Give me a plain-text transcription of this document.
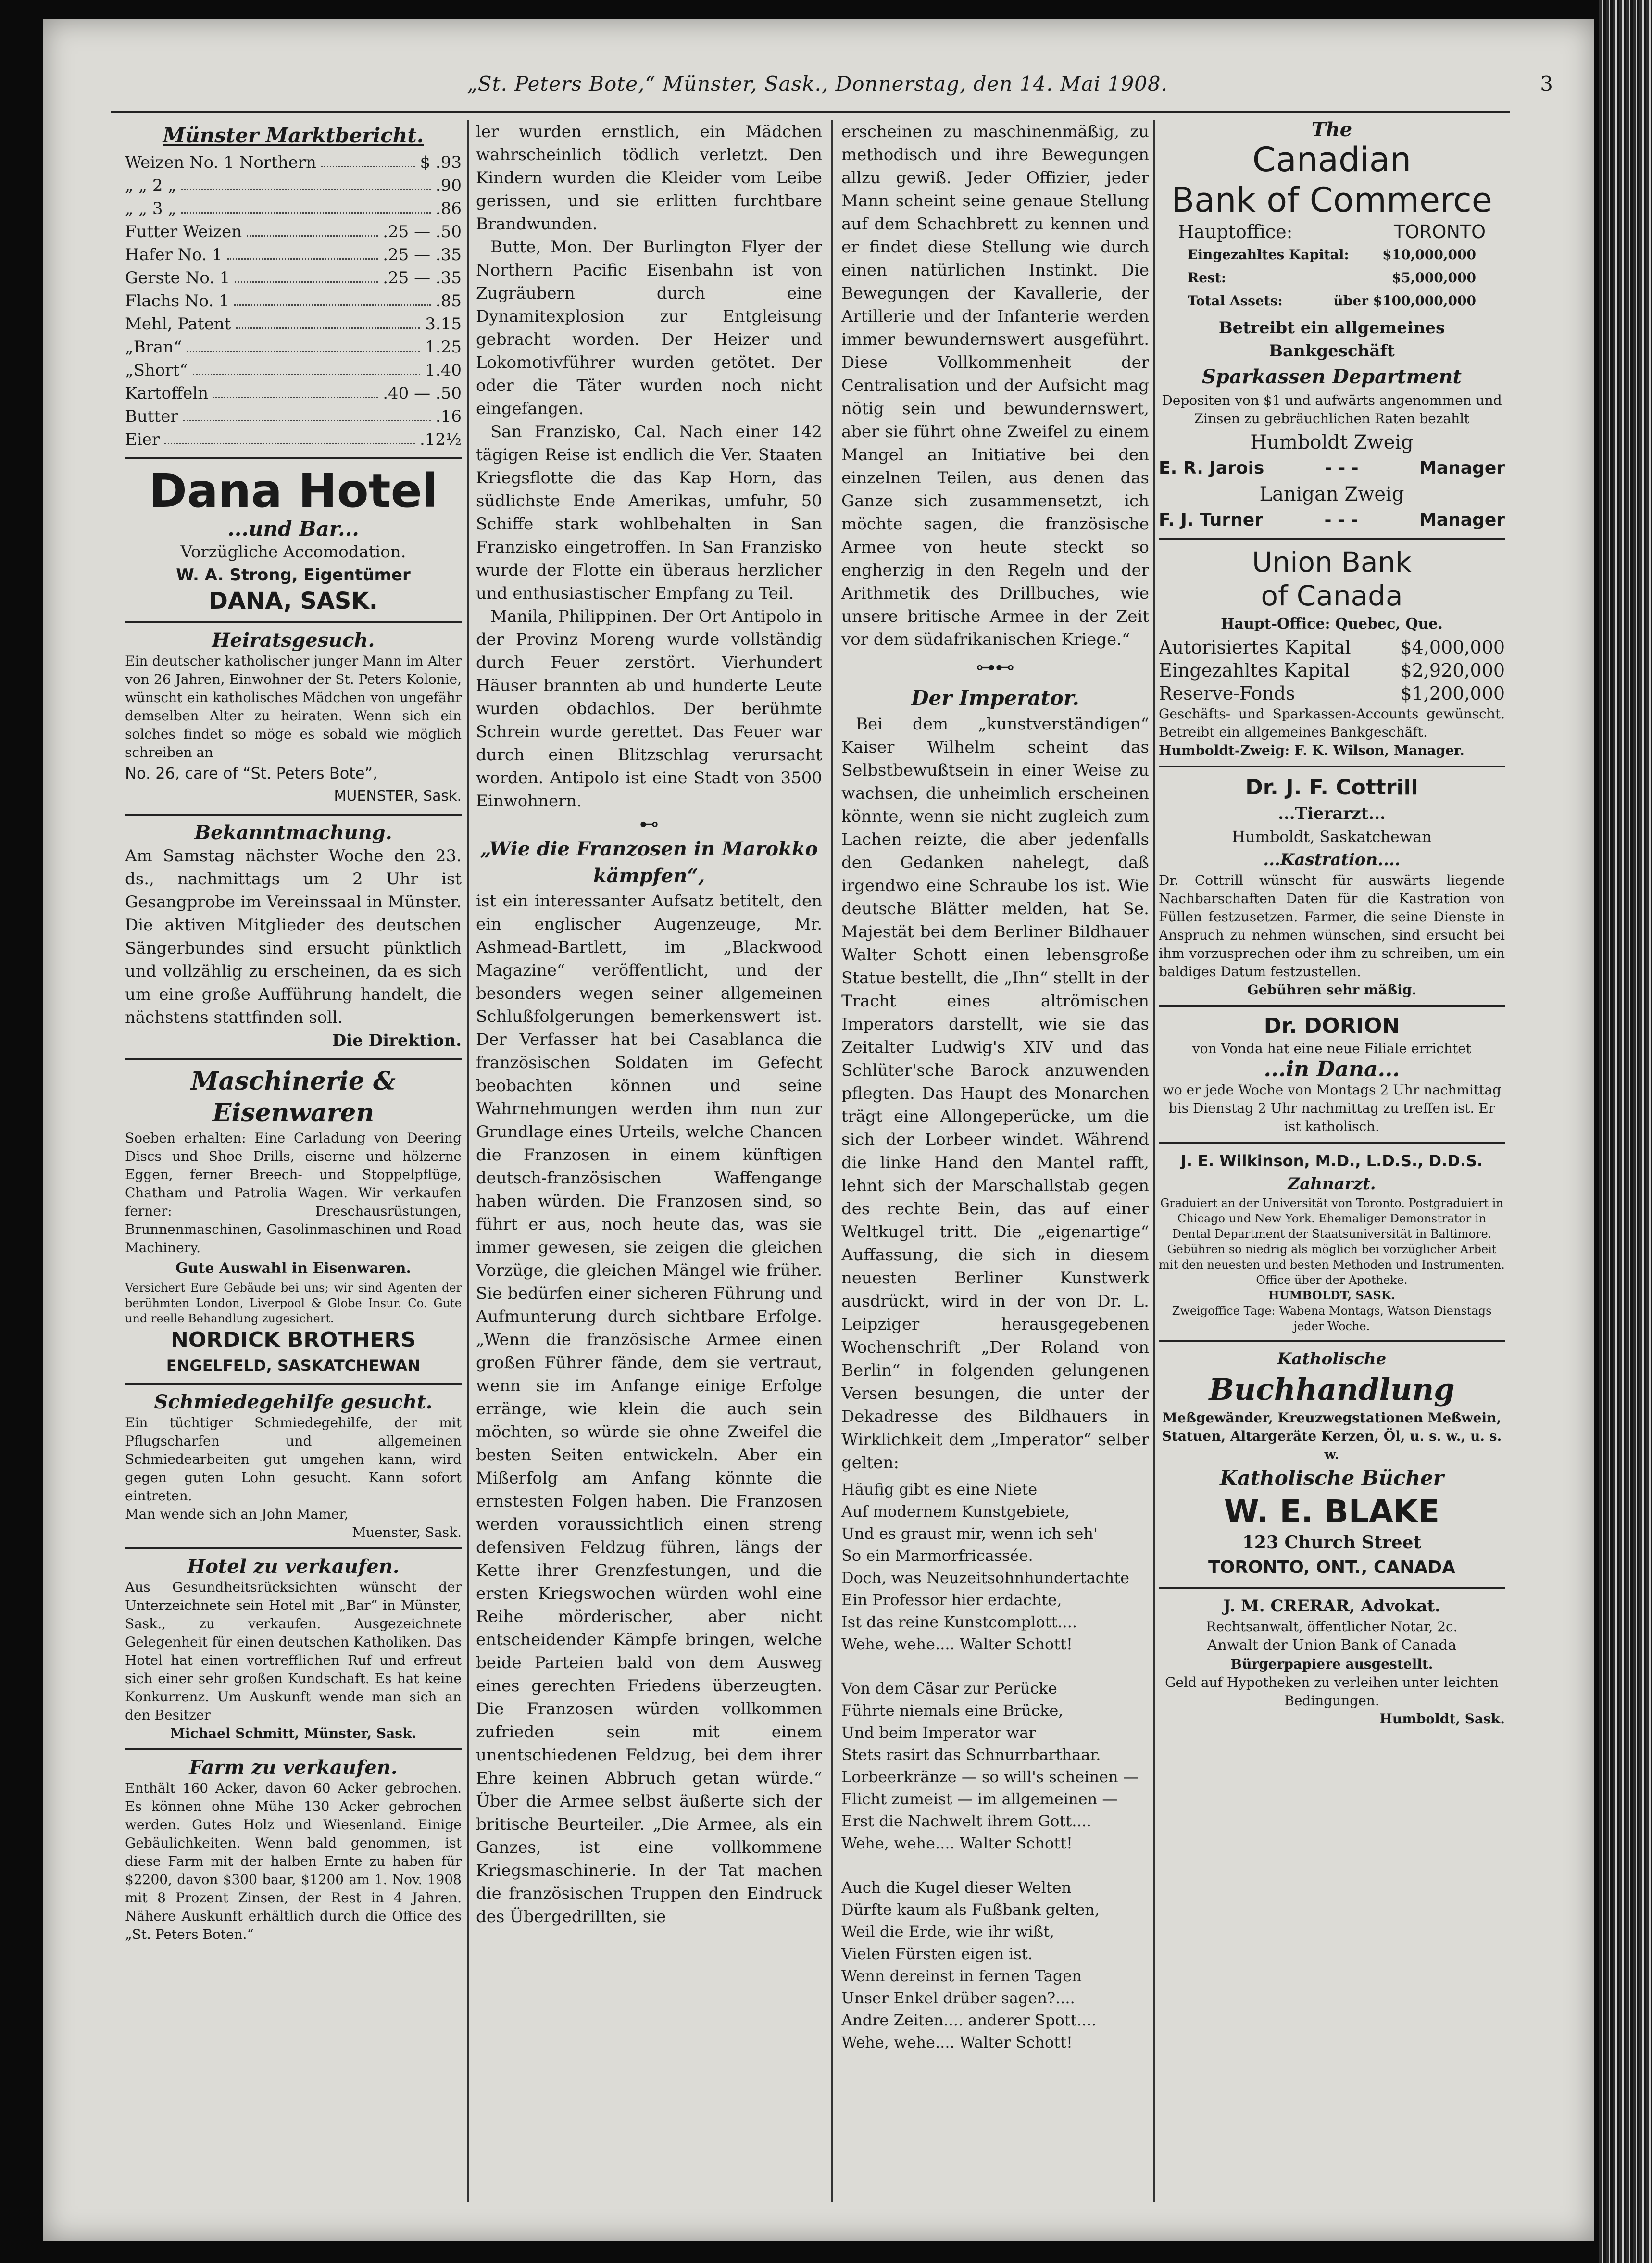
„St. Peters Bote,“ Münster, Sask., Donnerstag, den 14. Mai 1908.	3
Münster Marktbericht.
Weizen No. 1 Northern	$ .93
„ „ 2 „	.90
„ „ 3 „	.86
Futter Weizen	.25 — .50
Hafer No. 1	.25 — .35
Gerste No. 1	.25 — .35
Flachs No. 1	.85
Mehl, Patent	3.15
„Bran“	1.25
„Short“	1.40
Kartoffeln	.40 — .50
Butter	.16
Eier	.12½
Dana Hotel
...und Bar...
Vorzügliche Accomodation.
W. A. Strong, Eigentümer
DANA, SASK.
Heiratsgesuch.

Ein deutscher katholischer junger Mann im Alter von 26 Jahren, Einwohner der St. Peters Kolonie, wünscht ein katholisches Mädchen von ungefähr demselben Alter zu heiraten. Wenn sich ein solches findet so möge es sobald wie möglich schreiben an

No. 26, care of “St. Peters Bote”,

MUENSTER, Sask.

Bekanntmachung.

Am Samstag nächster Woche den 23. ds., nachmittags um 2 Uhr ist Gesangprobe im Vereinssaal in Münster. Die aktiven Mitglieder des deutschen Sängerbundes sind ersucht pünktlich und vollzählig zu erscheinen, da es sich um eine große Aufführung handelt, die nächstens stattfinden soll.

Die Direktion.

Maschinerie & Eisenwaren

Soeben erhalten: Eine Carladung von Deering Discs und Shoe Drills, eiserne und hölzerne Eggen, ferner Breech- und Stoppelpflüge, Chatham und Patrolia Wagen. Wir verkaufen ferner: Dreschausrüstungen, Brunnenmaschinen, Gasolinmaschinen und Road Machinery.

Gute Auswahl in Eisenwaren.

Versichert Eure Gebäude bei uns; wir sind Agenten der berühmten London, Liverpool & Globe Insur. Co. Gute und reelle Behandlung zugesichert.

NORDICK BROTHERS
ENGELFELD, SASKATCHEWAN
Schmiedegehilfe gesucht.

Ein tüchtiger Schmiedegehilfe, der mit Pflugscharfen und allgemeinen Schmiedearbeiten gut umgehen kann, wird gegen guten Lohn gesucht. Kann sofort eintreten.

Man wende sich an John Mamer,

Muenster, Sask.

Hotel zu verkaufen.

Aus Gesundheitsrücksichten wünscht der Unterzeichnete sein Hotel mit „Bar“ in Münster, Sask., zu verkaufen. Ausgezeichnete Gelegenheit für einen deutschen Katholiken. Das Hotel hat einen vortrefflichen Ruf und erfreut sich einer sehr großen Kundschaft. Es hat keine Konkurrenz. Um Auskunft wende man sich an den Besitzer

Michael Schmitt, Münster, Sask.

Farm zu verkaufen.

Enthält 160 Acker, davon 60 Acker gebrochen. Es können ohne Mühe 130 Acker gebrochen werden. Gutes Holz und Wiesenland. Einige Gebäulichkeiten. Wenn bald genommen, ist diese Farm mit der halben Ernte zu haben für $2200, davon $300 baar, $1200 am 1. Nov. 1908 mit 8 Prozent Zinsen, der Rest in 4 Jahren. Nähere Auskunft erhältlich durch die Office des „St. Peters Boten.“

ler wurden ernstlich, ein Mädchen wahrscheinlich tödlich verletzt. Den Kindern wurden die Kleider vom Leibe gerissen, und sie erlitten furchtbare Brandwunden.

Butte, Mon. Der Burlington Flyer der Northern Pacific Eisenbahn ist von Zugräubern durch eine Dynamitexplosion zur Entgleisung gebracht worden. Der Heizer und Lokomotivführer wurden getötet. Der oder die Täter wurden noch nicht eingefangen.

San Franzisko, Cal. Nach einer 142 tägigen Reise ist endlich die Ver. Staaten Kriegsflotte die das Kap Horn, das südlichste Ende Amerikas, umfuhr, 50 Schiffe stark wohlbehalten in San Franzisko eingetroffen. In San Franzisko wurde der Flotte ein überaus herzlicher und enthusiastischer Empfang zu Teil.

Manila, Philippinen. Der Ort Antipolo in der Provinz Moreng wurde vollständig durch Feuer zerstört. Vierhundert Häuser brannten ab und hunderte Leute wurden obdachlos. Der berühmte Schrein wurde gerettet. Das Feuer war durch einen Blitzschlag verursacht worden. Antipolo ist eine Stadt von 3500 Einwohnern.

⊷
„Wie die Franzosen in Marokko kämpfen“,

ist ein interessanter Aufsatz betitelt, den ein englischer Augenzeuge, Mr. Ashmead-Bartlett, im „Blackwood Magazine“ veröffentlicht, und der besonders wegen seiner allgemeinen Schlußfolgerungen bemerkenswert ist. Der Verfasser hat bei Casablanca die französischen Soldaten im Gefecht beobachten können und seine Wahrnehmungen werden ihm nun zur Grundlage eines Urteils, welche Chancen die Franzosen in einem künftigen deutsch-französischen Waffengange haben würden. Die Franzosen sind, so führt er aus, noch heute das, was sie immer gewesen, sie zeigen die gleichen Vorzüge, die gleichen Mängel wie früher. Sie bedürfen einer sicheren Führung und Aufmunterung durch sichtbare Erfolge. „Wenn die französische Armee einen großen Führer fände, dem sie vertraut, wenn sie im Anfange einige Erfolge erränge, wie klein die auch sein möchten, so würde sie ohne Zweifel die besten Seiten entwickeln. Aber ein Mißerfolg am Anfang könnte die ernstesten Folgen haben. Die Franzosen werden voraussichtlich einen streng defensiven Feldzug führen, längs der Kette ihrer Grenzfestungen, und die ersten Kriegswochen würden wohl eine Reihe mörderischer, aber nicht entscheidender Kämpfe bringen, welche beide Parteien bald von dem Ausweg eines gerechten Friedens überzeugten. Die Franzosen würden vollkommen zufrieden sein mit einem unentschiedenen Feldzug, bei dem ihrer Ehre keinen Abbruch getan würde.“ Über die Armee selbst äußerte sich der britische Beurteiler. „Die Armee, als ein Ganzes, ist eine vollkommene Kriegsmaschinerie. In der Tat machen die französischen Truppen den Eindruck des Übergedrillten, sie

erscheinen zu maschinenmäßig, zu methodisch und ihre Bewegungen allzu gewiß. Jeder Offizier, jeder Mann scheint seine genaue Stellung auf dem Schachbrett zu kennen und er findet diese Stellung wie durch einen natürlichen Instinkt. Die Bewegungen der Kavallerie, der Artillerie und der Infanterie werden immer bewundernswert ausgeführt. Diese Vollkommenheit der Centralisation und der Aufsicht mag nötig sein und bewundernswert, aber sie führt ohne Zweifel zu einem Mangel an Initiative bei den einzelnen Teilen, aus denen das Ganze sich zusammensetzt, ich möchte sagen, die französische Armee von heute steckt so engherzig in den Regeln und der Arithmetik des Drillbuches, wie unsere britische Armee in der Zeit vor dem südafrikanischen Kriege.“

⊶⊷
Der Imperator.

Bei dem „kunstverständigen“ Kaiser Wilhelm scheint das Selbstbewußtsein in einer Weise zu wachsen, die unheimlich erscheinen könnte, wenn sie nicht zugleich zum Lachen reizte, die aber jedenfalls den Gedanken nahelegt, daß irgendwo eine Schraube los ist. Wie deutsche Blätter melden, hat Se. Majestät bei dem Berliner Bildhauer Walter Schott einen lebensgroße Statue bestellt, die „Ihn“ stellt in der Tracht eines altrömischen Imperators darstellt, wie sie das Zeitalter Ludwig's XIV und das Schlüter'sche Barock anzuwenden pflegten. Das Haupt des Monarchen trägt eine Allongeperücke, um die sich der Lorbeer windet. Während die linke Hand den Mantel rafft, lehnt sich der Marschallstab gegen des rechte Bein, das auf einer Weltkugel tritt. Die „eigenartige“ Auffassung, die sich in diesem neuesten Berliner Kunstwerk ausdrückt, wird in der von Dr. L. Leipziger herausgegebenen Wochenschrift „Der Roland von Berlin“ in folgenden gelungenen Versen besungen, die unter der Dekadresse des Bildhauers in Wirklichkeit dem „Imperator“ selber gelten:

Häufig gibt es eine Niete
Auf modernem Kunstgebiete,
Und es graust mir, wenn ich seh'
So ein Marmorfricassée.
Doch, was Neuzeitsohnhundertachte
Ein Professor hier erdachte,
Ist das reine Kunstcomplott....
Wehe, wehe.... Walter Schott!

Von dem Cäsar zur Perücke
Führte niemals eine Brücke,
Und beim Imperator war
Stets rasirt das Schnurrbarthaar.
Lorbeerkränze — so will's scheinen —
Flicht zumeist — im allgemeinen —
Erst die Nachwelt ihrem Gott....
Wehe, wehe.... Walter Schott!

Auch die Kugel dieser Welten
Dürfte kaum als Fußbank gelten,
Weil die Erde, wie ihr wißt,
Vielen Fürsten eigen ist.
Wenn dereinst in fernen Tagen
Unser Enkel drüber sagen?....
Andre Zeiten.... anderer Spott....
Wehe, wehe.... Walter Schott!
The
Canadian
Bank of Commerce
Hauptoffice:	TORONTO
Eingezahltes Kapital: $10,000,000
Rest:	$5,000,000
Total Assets:	über $100,000,000
Betreibt ein allgemeines Bankgeschäft
Sparkassen Department

Depositen von $1 und aufwärts angenommen und Zinsen zu gebräuchlichen Raten bezahlt

Humboldt Zweig
E. R. Jarois	- - -	Manager
Lanigan Zweig
F. J. Turner	- - -	Manager
Union Bank
of Canada
Haupt-Office: Quebec, Que.
Autorisiertes Kapital	$4,000,000
Eingezahltes Kapital	$2,920,000
Reserve-Fonds	$1,200,000

Geschäfts- und Sparkassen-Accounts gewünscht. Betreibt ein allgemeines Bankgeschäft.

Humboldt-Zweig: F. K. Wilson, Manager.

Dr. J. F. Cottrill
...Tierarzt...
Humboldt, Saskatchewan
...Kastration....

Dr. Cottrill wünscht für auswärts liegende Nachbarschaften Daten für die Kastration von Füllen festzusetzen. Farmer, die seine Dienste in Anspruch zu nehmen wünschen, sind ersucht bei ihm vorzusprechen oder ihm zu schreiben, um ein baldiges Datum festzustellen.

Gebühren sehr mäßig.

Dr. DORION

von Vonda hat eine neue Filiale errichtet

...in Dana...

wo er jede Woche von Montags 2 Uhr nachmittag bis Dienstag 2 Uhr nachmittag zu treffen ist. Er ist katholisch.

J. E. Wilkinson, M.D., L.D.S., D.D.S.
Zahnarzt.

Graduiert an der Universität von Toronto. Postgraduiert in Chicago und New York. Ehemaliger Demonstrator in Dental Department der Staatsuniversität in Baltimore. Gebühren so niedrig als möglich bei vorzüglicher Arbeit mit den neuesten und besten Methoden und Instrumenten.

Office über der Apotheke.

HUMBOLDT, SASK.

Zweigoffice Tage: Wabena Montags, Watson Dienstags jeder Woche.

Katholische
Buchhandlung

Meßgewänder, Kreuzwegstationen Meßwein, Statuen, Altargeräte Kerzen, Öl, u. s. w., u. s. w.

Katholische Bücher
W. E. BLAKE
123 Church Street
TORONTO, ONT., CANADA
J. M. CRERAR, Advokat.

Rechtsanwalt, öffentlicher Notar, 2c.

Anwalt der Union Bank of Canada

Bürgerpapiere ausgestellt.

Geld auf Hypotheken zu verleihen unter leichten Bedingungen.

Humboldt, Sask.
